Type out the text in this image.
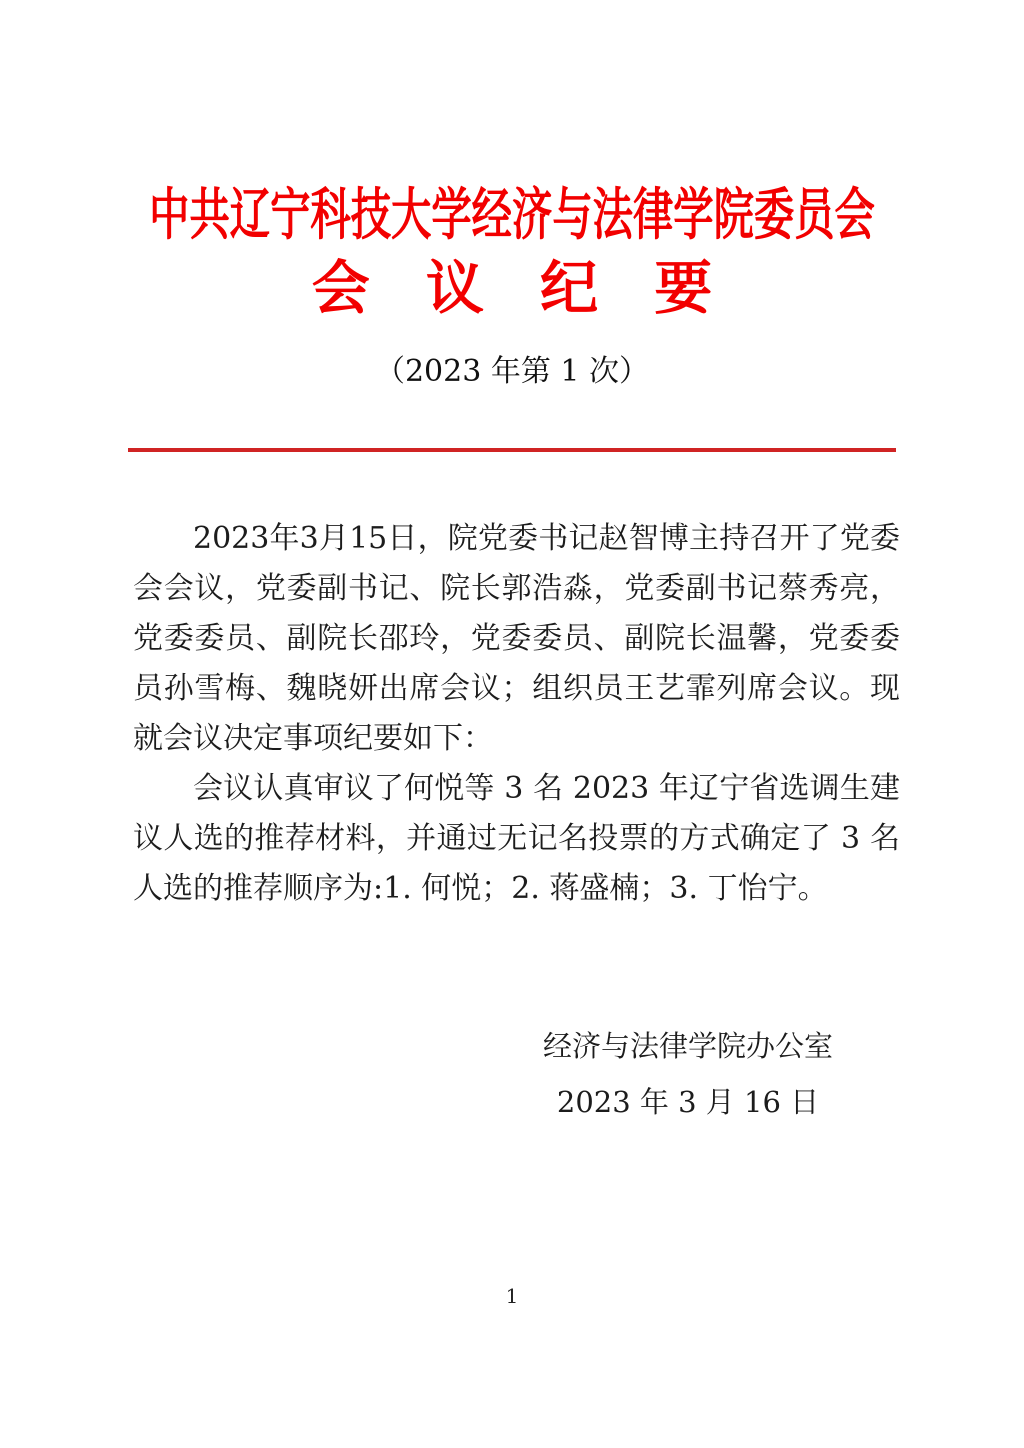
中共辽宁科技大学经济与法律学院委员会
会 议 纪 要
（2023 年第 1 次）

2023年3月15日，院党委书记赵智博主持召开了党委会会议，党委副书记、院长郭浩淼，党委副书记蔡秀亮，党委委员、副院长邵玲，党委委员、副院长温馨，党委委员孙雪梅、魏晓妍出席会议；组织员王艺霏列席会议。现就会议决定事项纪要如下：

会议认真审议了何悦等 3 名 2023 年辽宁省选调生建议人选的推荐材料，并通过无记名投票的方式确定了 3 名人选的推荐顺序为:1. 何悦；2. 蒋盛楠；3. 丁怡宁。

经济与法律学院办公室
2023 年 3 月 16 日
1
